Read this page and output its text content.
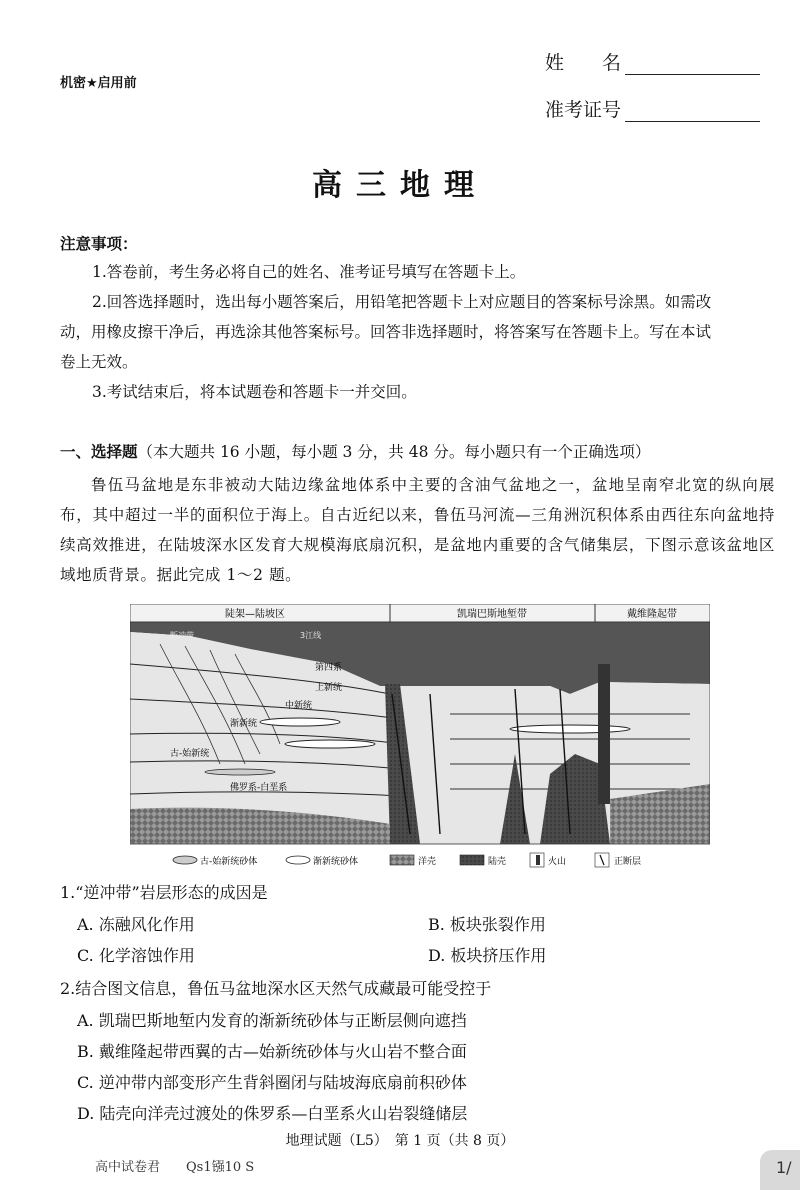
机密★启用前
姓　　名
准考证号
高三地理
注意事项：
1.答卷前，考生务必将自己的姓名、准考证号填写在答题卡上。
2.回答选择题时，选出每小题答案后，用铅笔把答题卡上对应题目的答案标号涂黑。如需改
动，用橡皮擦干净后，再选涂其他答案标号。回答非选择题时，将答案写在答题卡上。写在本试
卷上无效。
3.考试结束后，将本试题卷和答题卡一并交回。
一、选择题（本大题共 16 小题，每小题 3 分，共 48 分。每小题只有一个正确选项）
鲁伍马盆地是东非被动大陆边缘盆地体系中主要的含油气盆地之一，盆地呈南窄北宽的纵向展布，其中超过一半的面积位于海上。自古近纪以来，鲁伍马河流—三角洲沉积体系由西往东向盆地持续高效推进，在陆坡深水区发育大规模海底扇沉积，是盆地内重要的含气储集层，下图示意该盆地区域地质背景。据此完成 1～2 题。
陡架—陆坡区	凯瑞巴斯地堑带	戴维隆起带
断冲带	3江线
第四系
上新统
中新统
渐新统
古-始新统
佛罗系-白垩系
古-始新统砂体	渐新统砂体	洋壳	陆壳	火山	正断层
1.“逆冲带”岩层形态的成因是
A. 冻融风化作用	B. 板块张裂作用
C. 化学溶蚀作用	D. 板块挤压作用
2.结合图文信息，鲁伍马盆地深水区天然气成藏最可能受控于
A. 凯瑞巴斯地堑内发育的渐新统砂体与正断层侧向遮挡
B. 戴维隆起带西翼的古—始新统砂体与火山岩不整合面
C. 逆冲带内部变形产生背斜圈闭与陆坡海底扇前积砂体
D. 陆壳向洋壳过渡处的侏罗系—白垩系火山岩裂缝储层
地理试题（L5）　第 1 页（共 8 页）
高中试卷君　　Qs1镪10 S	1/
